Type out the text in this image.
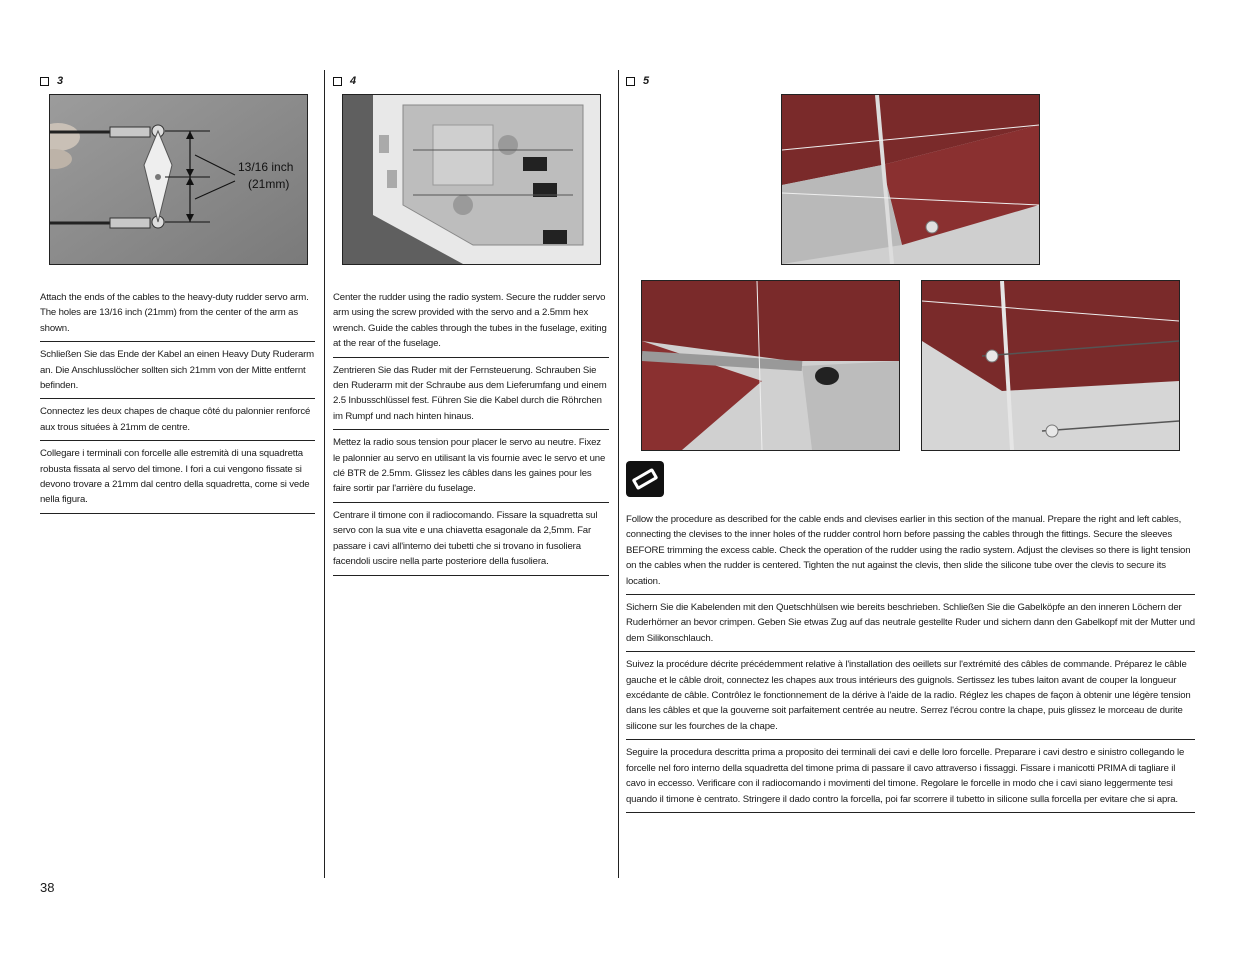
3	4	5
13/16 inch
(21mm)

Attach the ends of the cables to the heavy-duty rudder servo arm. The holes are 13/16 inch (21mm) from the center of the arm as shown.

Schließen Sie das Ende der Kabel an einen Heavy Duty Ruderarm an. Die Anschlusslöcher sollten sich 21mm von der Mitte entfernt befinden.

Connectez les deux chapes de chaque côté du palonnier renforcé aux trous situées à 21mm de centre.

Collegare i terminali con forcelle alle estremità di una squadretta robusta fissata al servo del timone. I fori a cui vengono fissate si devono trovare a 21mm dal centro della squadretta, come si vede nella figura.

Center the rudder using the radio system. Secure the rudder servo arm using the screw provided with the servo and a 2.5mm hex wrench. Guide the cables through the tubes in the fuselage, exiting at the rear of the fuselage.

Zentrieren Sie das Ruder mit der Fernsteuerung. Schrauben Sie den Ruderarm mit der Schraube aus dem Lieferumfang und einem 2.5 Inbusschlüssel fest. Führen Sie die Kabel durch die Röhrchen im Rumpf und nach hinten hinaus.

Mettez la radio sous tension pour placer le servo au neutre. Fixez le palonnier au servo en utilisant la vis fournie avec le servo et une clé BTR de 2.5mm. Glissez les câbles dans les gaines pour les faire sortir par l'arrière du fuselage.

Centrare il timone con il radiocomando. Fissare la squadretta sul servo con la sua vite e una chiavetta esagonale da 2,5mm. Far passare i cavi all'interno dei tubetti che si trovano in fusoliera facendoli uscire nella parte posteriore della fusoliera.

Follow the procedure as described for the cable ends and clevises earlier in this section of the manual. Prepare the right and left cables, connecting the clevises to the inner holes of the rudder control horn before passing the cables through the fittings. Secure the sleeves BEFORE trimming the excess cable. Check the operation of the rudder using the radio system. Adjust the clevises so there is light tension on the cables when the rudder is centered. Tighten the nut against the clevis, then slide the silicone tube over the clevis to secure its location.

Sichern Sie die Kabelenden mit den Quetschhülsen wie bereits beschrieben. Schließen Sie die Gabelköpfe an den inneren Löchern der Ruderhörner an bevor crimpen. Geben Sie etwas Zug auf das neutrale gestellte Ruder und sichern dann den Gabelkopf mit der Mutter und dem Silikonschlauch.

Suivez la procédure décrite précédemment relative à l'installation des oeillets sur l'extrémité des câbles de commande. Préparez le câble gauche et le câble droit, connectez les chapes aux trous intérieurs des guignols. Sertissez les tubes laiton avant de couper la longueur excédante de câble. Contrôlez le fonctionnement de la dérive à l'aide de la radio. Réglez les chapes de façon à obtenir une légère tension dans les câbles et que la gouverne soit parfaitement centrée au neutre. Serrez l'écrou contre la chape, puis glissez le morceau de durite silicone sur les fourches de la chape.

Seguire la procedura descritta prima a proposito dei terminali dei cavi e delle loro forcelle. Preparare i cavi destro e sinistro collegando le forcelle nel foro interno della squadretta del timone prima di passare il cavo attraverso i fissaggi. Fissare i manicotti PRIMA di tagliare il cavo in eccesso. Verificare con il radiocomando i movimenti del timone. Regolare le forcelle in modo che i cavi siano leggermente tesi quando il timone è centrato. Stringere il dado contro la forcella, poi far scorrere il tubetto in silicone sulla forcella per evitare che si apra.

38
